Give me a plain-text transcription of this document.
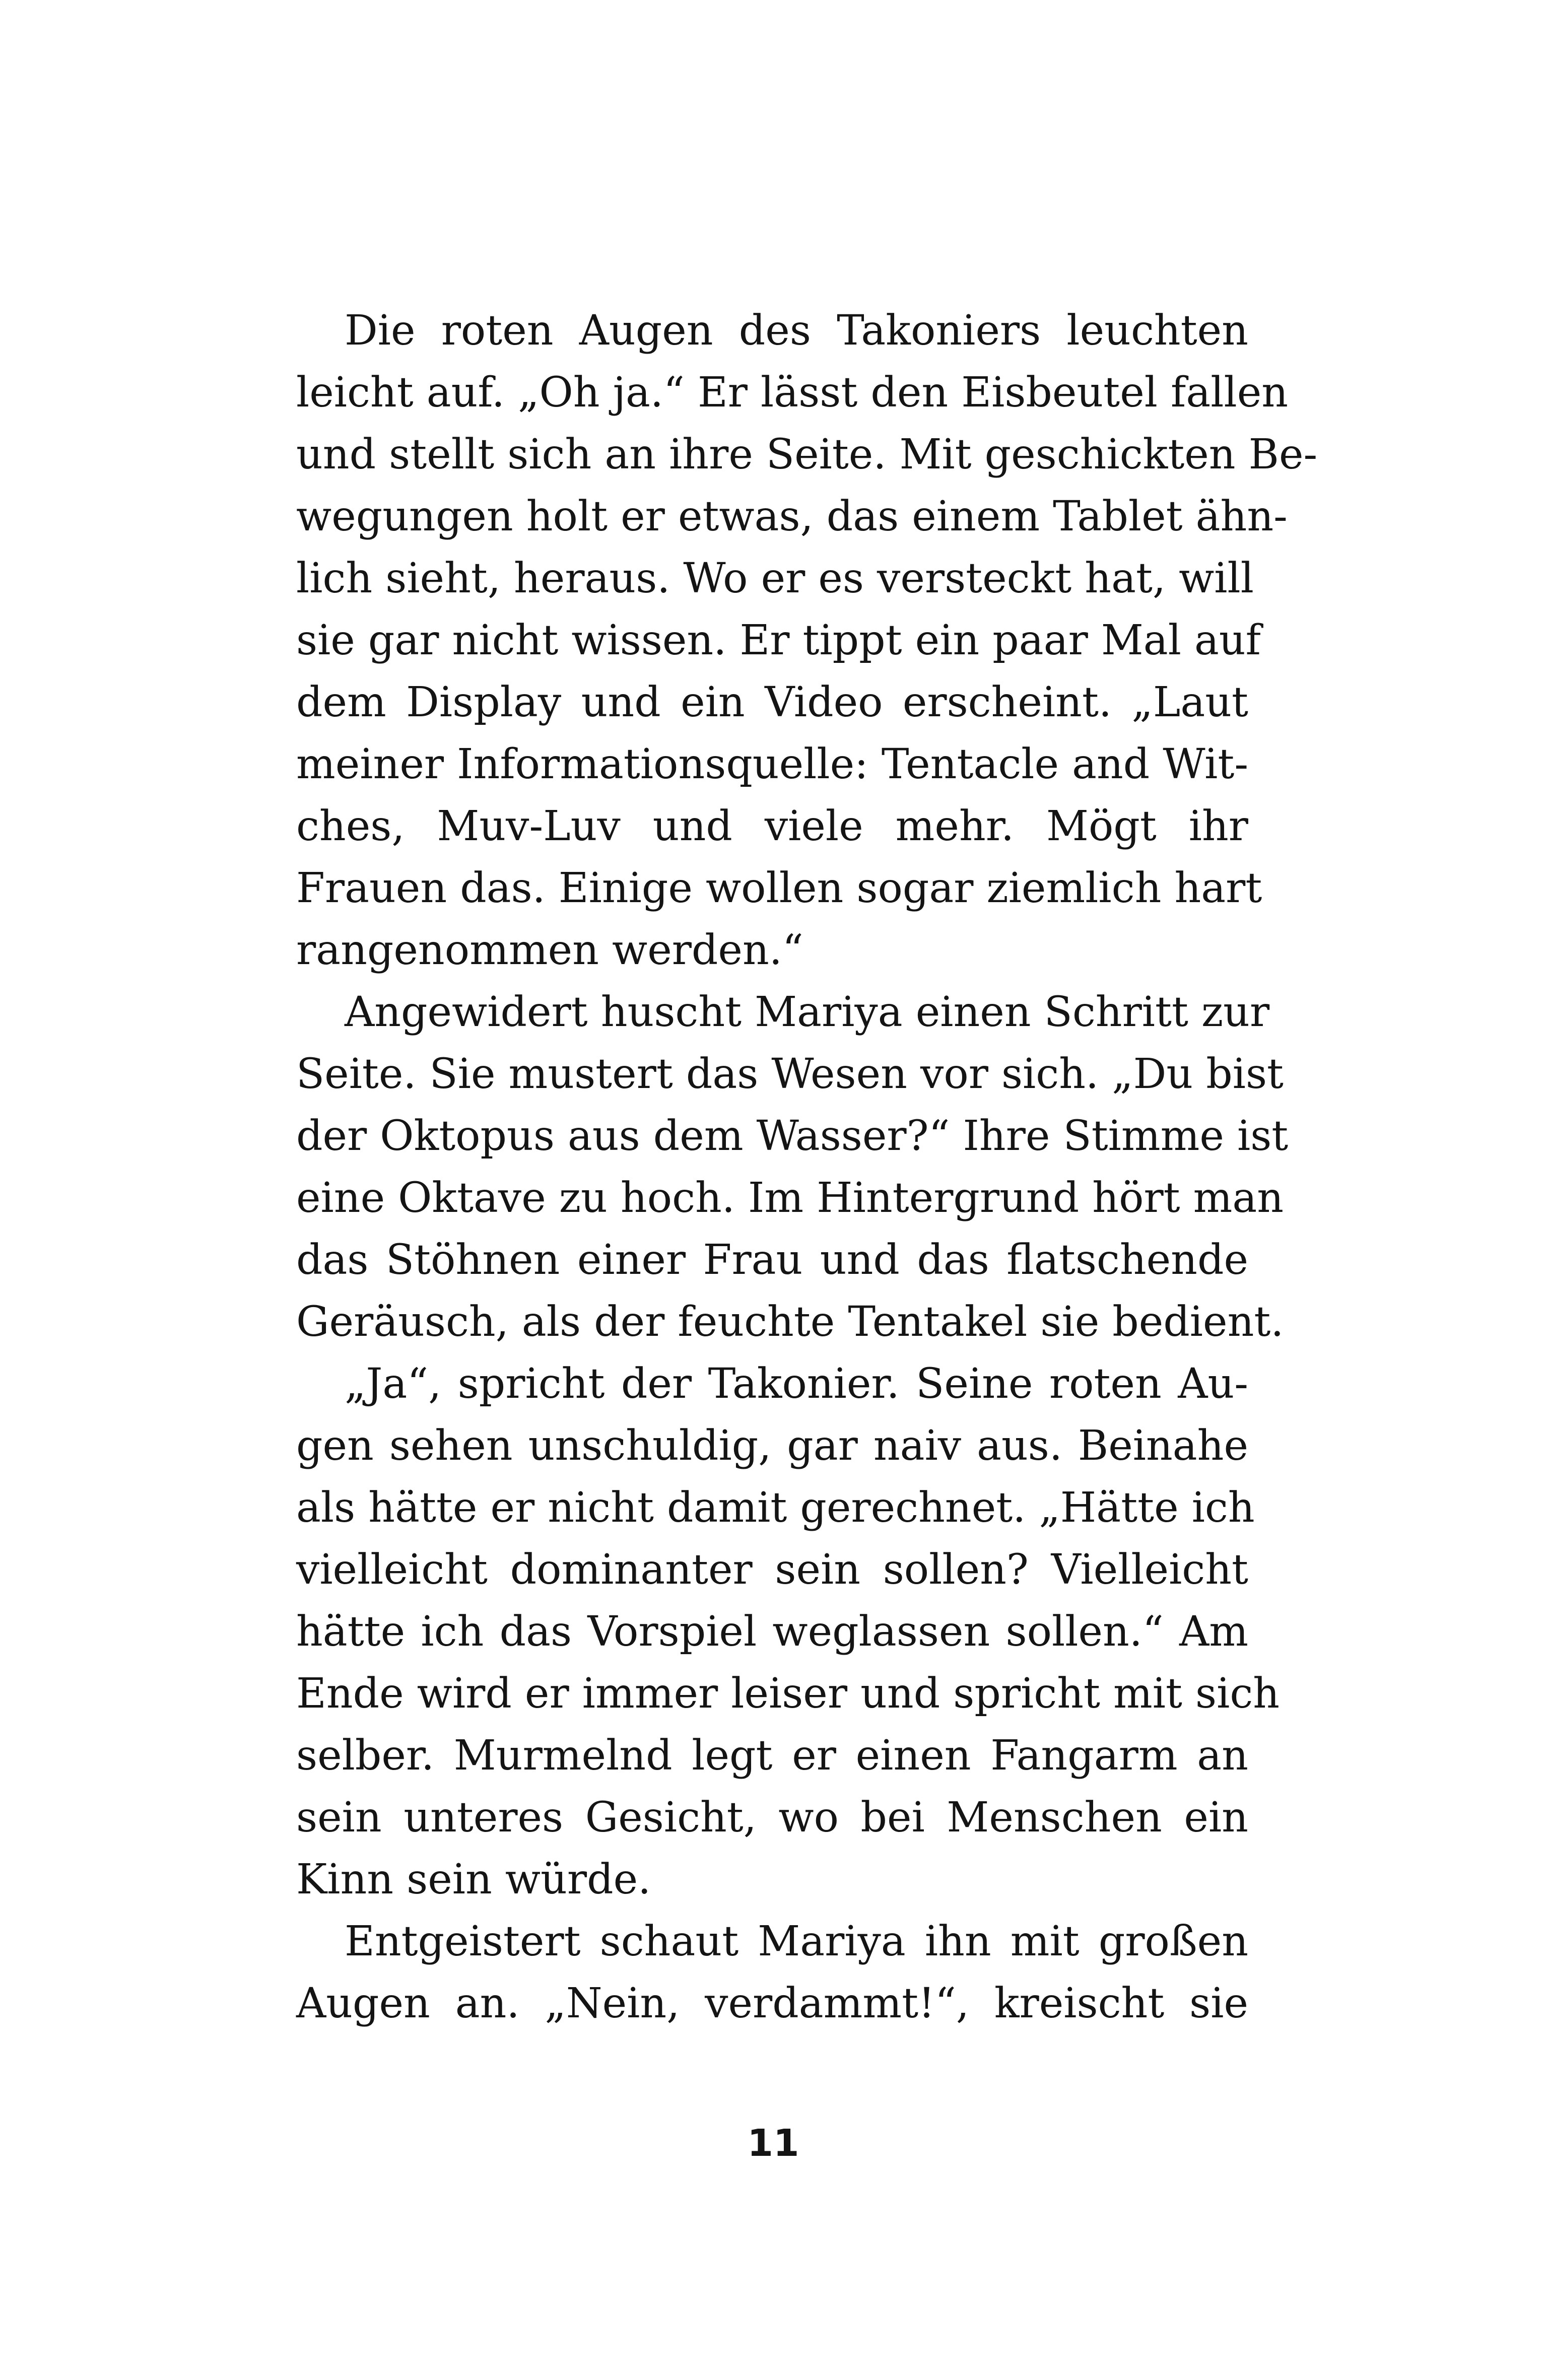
Die roten Augen des Takoniers leuchten
leicht auf. „Oh ja.“ Er lässt den Eisbeutel fallen
und stellt sich an ihre Seite. Mit geschickten Be-
wegungen holt er etwas, das einem Tablet ähn-
lich sieht, heraus. Wo er es versteckt hat, will
sie gar nicht wissen. Er tippt ein paar Mal auf
dem Display und ein Video erscheint. „Laut
meiner Informationsquelle: Tentacle and Wit-
ches, Muv-Luv und viele mehr. Mögt ihr
Frauen das. Einige wollen sogar ziemlich hart
rangenommen werden.“
Angewidert huscht Mariya einen Schritt zur
Seite. Sie mustert das Wesen vor sich. „Du bist
der Oktopus aus dem Wasser?“ Ihre Stimme ist
eine Oktave zu hoch. Im Hintergrund hört man
das Stöhnen einer Frau und das flatschende
Geräusch, als der feuchte Tentakel sie bedient.
„Ja“, spricht der Takonier. Seine roten Au-
gen sehen unschuldig, gar naiv aus. Beinahe
als hätte er nicht damit gerechnet. „Hätte ich
vielleicht dominanter sein sollen? Vielleicht
hätte ich das Vorspiel weglassen sollen.“ Am
Ende wird er immer leiser und spricht mit sich
selber. Murmelnd legt er einen Fangarm an
sein unteres Gesicht, wo bei Menschen ein
Kinn sein würde.
Entgeistert schaut Mariya ihn mit großen
Augen an. „Nein, verdammt!“, kreischt sie
11
